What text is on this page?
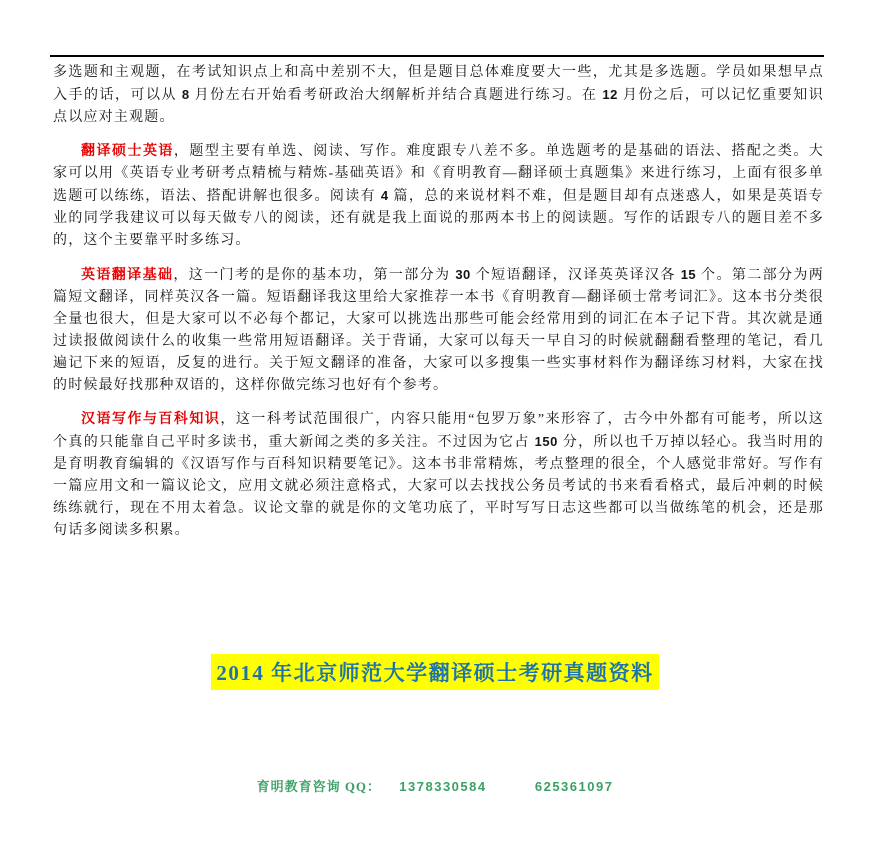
多选题和主观题，在考试知识点上和高中差别不大，但是题目总体难度要大一些，尤其是多选题。学员如果想早点入手的话，可以从 8 月份左右开始看考研政治大纲解析并结合真题进行练习。在 12 月份之后，可以记忆重要知识点以应对主观题。

翻译硕士英语，题型主要有单选、阅读、写作。难度跟专八差不多。单选题考的是基础的语法、搭配之类。大家可以用《英语专业考研考点精梳与精炼-基础英语》和《育明教育—翻译硕士真题集》来进行练习，上面有很多单选题可以练练，语法、搭配讲解也很多。阅读有 4 篇，总的来说材料不难，但是题目却有点迷惑人，如果是英语专业的同学我建议可以每天做专八的阅读，还有就是我上面说的那两本书上的阅读题。写作的话跟专八的题目差不多的，这个主要靠平时多练习。

英语翻译基础，这一门考的是你的基本功，第一部分为 30 个短语翻译，汉译英英译汉各 15 个。第二部分为两篇短文翻译，同样英汉各一篇。短语翻译我这里给大家推荐一本书《育明教育—翻译硕士常考词汇》。这本书分类很全量也很大，但是大家可以不必每个都记，大家可以挑选出那些可能会经常用到的词汇在本子记下背。其次就是通过读报做阅读什么的收集一些常用短语翻译。关于背诵，大家可以每天一早自习的时候就翻翻看整理的笔记，看几遍记下来的短语，反复的进行。关于短文翻译的准备，大家可以多搜集一些实事材料作为翻译练习材料，大家在找的时候最好找那种双语的，这样你做完练习也好有个参考。

汉语写作与百科知识，这一科考试范围很广，内容只能用“包罗万象”来形容了，古今中外都有可能考，所以这个真的只能靠自己平时多读书，重大新闻之类的多关注。不过因为它占 150 分，所以也千万掉以轻心。我当时用的是育明教育编辑的《汉语写作与百科知识精要笔记》。这本书非常精炼，考点整理的很全，个人感觉非常好。写作有一篇应用文和一篇议论文，应用文就必须注意格式，大家可以去找找公务员考试的书来看看格式，最后冲刺的时候练练就行，现在不用太着急。议论文靠的就是你的文笔功底了，平时写写日志这些都可以当做练笔的机会，还是那句话多阅读多积累。

2014 年北京师范大学翻译硕士考研真题资料
育明教育咨询 QQ： 1378330584	625361097
